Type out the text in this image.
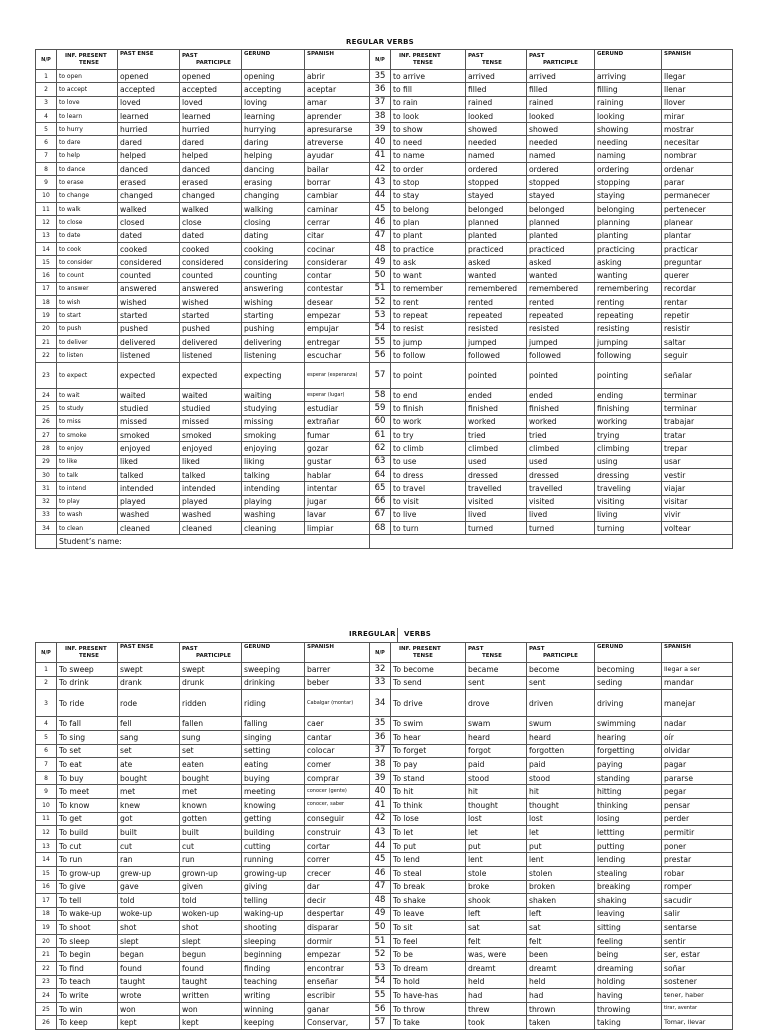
REGULAR VERBS
N/P	INF. PRESENT
TENSE	PAST ENSE	PAST
PARTICIPLE	GERUND	SPANISH	N/P	INF. PRESENT
TENSE	PAST
TENSE	PAST
PARTICIPLE	GERUND	SPANISH
1	to open	opened	opened	opening	abrir	35	to arrive	arrived	arrived	arriving	llegar
2	to accept	accepted	accepted	accepting	aceptar	36	to fill	filled	filled	filling	llenar
3	to love	loved	loved	loving	amar	37	to rain	rained	rained	raining	llover
4	to learn	learned	learned	learning	aprender	38	to look	looked	looked	looking	mirar
5	to hurry	hurried	hurried	hurrying	apresurarse	39	to show	showed	showed	showing	mostrar
6	to dare	dared	dared	daring	atreverse	40	to need	needed	needed	needing	necesitar
7	to help	helped	helped	helping	ayudar	41	to name	named	named	naming	nombrar
8	to dance	danced	danced	dancing	bailar	42	to order	ordered	ordered	ordering	ordenar
9	to erase	erased	erased	erasing	borrar	43	to stop	stopped	stopped	stopping	parar
10	to change	changed	changed	changing	cambiar	44	to stay	stayed	stayed	staying	permanecer
11	to walk	walked	walked	walking	caminar	45	to belong	belonged	belonged	belonging	pertenecer
12	to close	closed	close	closing	cerrar	46	to plan	planned	planned	planning	planear
13	to date	dated	dated	dating	citar	47	to plant	planted	planted	planting	plantar
14	to cook	cooked	cooked	cooking	cocinar	48	to practice	practiced	practiced	practicing	practicar
15	to consider	considered	considered	considering	considerar	49	to ask	asked	asked	asking	preguntar
16	to count	counted	counted	counting	contar	50	to want	wanted	wanted	wanting	querer
17	to answer	answered	answered	answering	contestar	51	to remember	remembered	remembered	remembering	recordar
18	to wish	wished	wished	wishing	desear	52	to rent	rented	rented	renting	rentar
19	to start	started	started	starting	empezar	53	to repeat	repeated	repeated	repeating	repetir
20	to push	pushed	pushed	pushing	empujar	54	to resist	resisted	resisted	resisting	resistir
21	to deliver	delivered	delivered	delivering	entregar	55	to jump	jumped	jumped	jumping	saltar
22	to listen	listened	listened	listening	escuchar	56	to follow	followed	followed	following	seguir
23	to expect	expected	expected	expecting	esperar (esperanza)	57	to point	pointed	pointed	pointing	señalar
24	to wait	waited	waited	waiting	esperar (lugar)	58	to end	ended	ended	ending	terminar
25	to study	studied	studied	studying	estudiar	59	to finish	finished	finished	finishing	terminar
26	to miss	missed	missed	missing	extrañar	60	to work	worked	worked	working	trabajar
27	to smoke	smoked	smoked	smoking	fumar	61	to try	tried	tried	trying	tratar
28	to enjoy	enjoyed	enjoyed	enjoying	gozar	62	to climb	climbed	climbed	climbing	trepar
29	to like	liked	liked	liking	gustar	63	to use	used	used	using	usar
30	to talk	talked	talked	talking	hablar	64	to dress	dressed	dressed	dressing	vestir
31	to intend	intended	intended	intending	intentar	65	to travel	travelled	travelled	traveling	viajar
32	to play	played	played	playing	jugar	66	to visit	visited	visited	visiting	visitar
33	to wash	washed	washed	washing	lavar	67	to live	lived	lived	living	vivir
34	to clean	cleaned	cleaned	cleaning	limpiar	68	to turn	turned	turned	turning	voltear
	Student’s name:										
IRREGULAR VERBS
N/P	INF. PRESENT
TENSE	PAST ENSE	PAST
PARTICIPLE	GERUND	SPANISH	N/P	INF. PRESENT
TENSE	PAST
TENSE	PAST
PARTICIPLE	GERUND	SPANISH
1	To sweep	swept	swept	sweeping	barrer	32	To become	became	become	becoming	llegar a ser
2	To drink	drank	drunk	drinking	beber	33	To send	sent	sent	seding	mandar
3	To ride	rode	ridden	riding	Cabalgar (montar)	34	To drive	drove	driven	driving	manejar
4	To fall	fell	fallen	falling	caer	35	To swim	swam	swum	swimming	nadar
5	To sing	sang	sung	singing	cantar	36	To hear	heard	heard	hearing	oír
6	To set	set	set	setting	colocar	37	To forget	forgot	forgotten	forgetting	olvidar
7	To eat	ate	eaten	eating	comer	38	To pay	paid	paid	paying	pagar
8	To buy	bought	bought	buying	comprar	39	To stand	stood	stood	standing	pararse
9	To meet	met	met	meeting	conocer (gente)	40	To hit	hit	hit	hitting	pegar
10	To know	knew	known	knowing	conocer, saber	41	To think	thought	thought	thinking	pensar
11	To get	got	gotten	getting	conseguir	42	To lose	lost	lost	losing	perder
12	To build	built	built	building	construir	43	To let	let	let	lettting	permitir
13	To cut	cut	cut	cutting	cortar	44	To put	put	put	putting	poner
14	To run	ran	run	running	correr	45	To lend	lent	lent	lending	prestar
15	To grow-up	grew-up	grown-up	growing-up	crecer	46	To steal	stole	stolen	stealing	robar
16	To give	gave	given	giving	dar	47	To break	broke	broken	breaking	romper
17	To tell	told	told	telling	decir	48	To shake	shook	shaken	shaking	sacudir
18	To wake-up	woke-up	woken-up	waking-up	despertar	49	To leave	left	left	leaving	salir
19	To shoot	shot	shot	shooting	disparar	50	To sit	sat	sat	sitting	sentarse
20	To sleep	slept	slept	sleeping	dormir	51	To feel	felt	felt	feeling	sentir
21	To begin	began	begun	beginning	empezar	52	To be	was, were	been	being	ser, estar
22	To find	found	found	finding	encontrar	53	To dream	dreamt	dreamt	dreaming	soñar
23	To teach	taught	taught	teaching	enseñar	54	To hold	held	held	holding	sostener
24	To write	wrote	written	writing	escribir	55	To have-has	had	had	having	tener, haber
25	To win	won	won	winning	ganar	56	To throw	threw	thrown	throwing	tirar, aventar

26	To keep	kept	kept	keeping	Conservar,	57	To take	took	taken	taking	Tomar, llevar
